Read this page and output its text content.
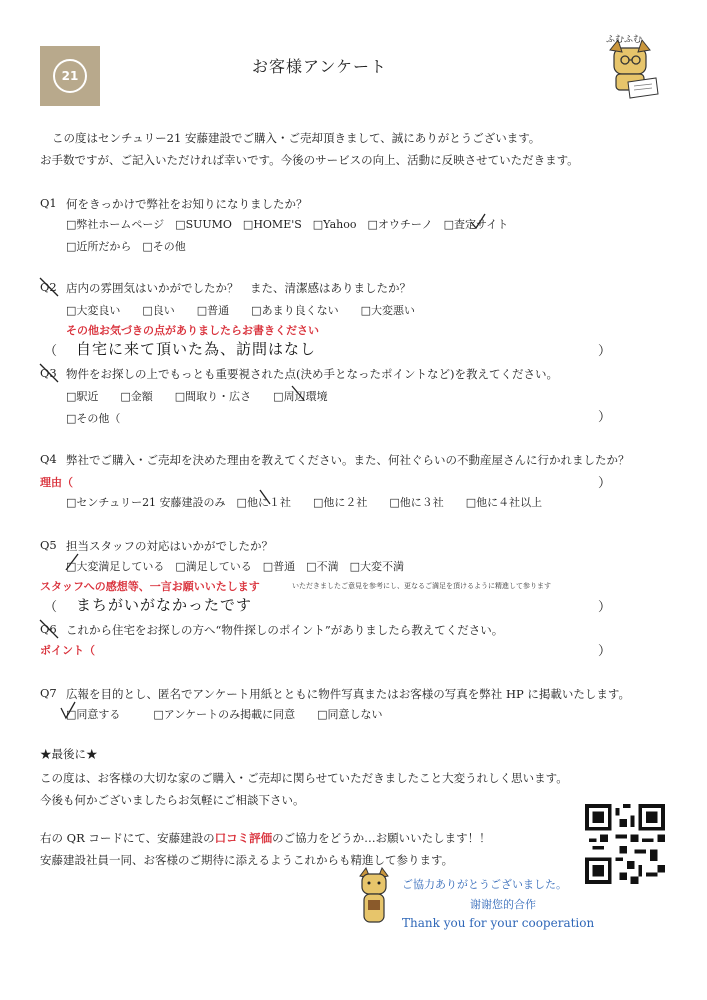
21	お客様アンケート
ふむふむ
この度はセンチュリー21 安藤建設でご購入・ご売却頂きまして、誠にありがとうございます。
お手数ですが、ご記入いただければ幸いです。今後のサービスの向上、活動に反映させていただきます。
Q1 何をきっかけで弊社をお知りになりましたか？
□弊社ホームページ　□SUUMO　□HOME'S　□Yahoo　□オウチーノ　□査定サイト
□近所だから　□その他
Q2 店内の雰囲気はいかがでしたか？　また、清潔感はありましたか？
□大変良い　　□良い　　□普通　　□あまり良くない　　□大変悪い
その他お気づきの点がありましたらお書きください
（ 自宅に来て頂いた為、訪問はなし	）
Q3 物件をお探しの上でもっとも重要視された点(決め手となったポイントなど)を教えてください。
□駅近　　□金額　　□間取り・広さ　　□周辺環境
□その他（	）
Q4 弊社でご購入・ご売却を決めた理由を教えてください。また、何社ぐらいの不動産屋さんに行かれましたか？
理由（	）
□センチュリー21 安藤建設のみ　□他に１社　　□他に２社　　□他に３社　　□他に４社以上
Q5 担当スタッフの対応はいかがでしたか？
□大変満足している　□満足している　□普通　□不満　□大変不満
スタッフへの感想等、一言お願いいたします	いただきましたご意見を参考にし、更なるご満足を頂けるように精進して参ります
（ まちがいがなかったです	）
Q6 これから住宅をお探しの方へ“物件探しのポイント”がありましたら教えてください。
ポイント（	）
Q7 広報を目的とし、匿名でアンケート用紙とともに物件写真またはお客様の写真を弊社 HP に掲載いたします。
□同意する　　　□アンケートのみ掲載に同意　　□同意しない
★最後に★
この度は、お客様の大切な家のご購入・ご売却に関らせていただきましたこと大変うれしく思います。
今後も何かございましたらお気軽にご相談下さい。
右の QR コードにて、安藤建設の口コミ評価のご協力をどうか…お願いいたします！！
安藤建設社員一同、お客様のご期待に添えるようこれからも精進して参ります。
ご協力ありがとうございました。
谢谢您的合作
Thank you for your cooperation
